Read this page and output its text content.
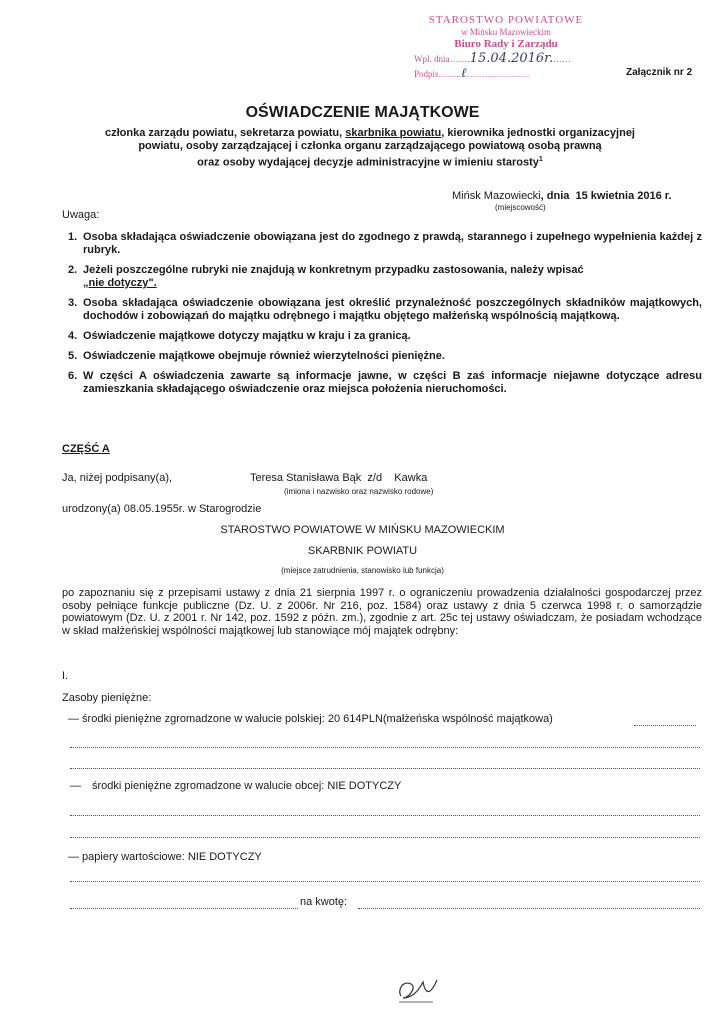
STAROSTWO POWIATOWE
w Mińsku Mazowieckim
Biuro Rady i Zarządu
Wpl. dnia…….15.04.2016r.……
Podpis……..ℓ…………………	Załącznik nr 2
OŚWIADCZENIE MAJĄTKOWE
członka zarządu powiatu, sekretarza powiatu, skarbnika powiatu, kierownika jednostki organizacyjnej
powiatu, osoby zarządzającej i członka organu zarządzającego powiatową osobą prawną
oraz osoby wydającej decyzje administracyjne w imieniu starosty$^1$
Mińsk Mazowiecki, dnia 15 kwietnia 2016 r.
(miejscowość)
Uwaga:
1. Osoba składająca oświadczenie obowiązana jest do zgodnego z prawdą, starannego i zupełnego wypełnienia każdej z rubryk.
2. Jeżeli poszczególne rubryki nie znajdują w konkretnym przypadku zastosowania, należy wpisać
„nie dotyczy".
3. Osoba składająca oświadczenie obowiązana jest określić przynależność poszczególnych składników majątkowych, dochodów i zobowiązań do majątku odrębnego i majątku objętego małżeńską wspólnością majątkową.
4. Oświadczenie majątkowe dotyczy majątku w kraju i za granicą.
5. Oświadczenie majątkowe obejmuje również wierzytelności pieniężne.
6. W części A oświadczenia zawarte są informacje jawne, w części B zaś informacje niejawne dotyczące adresu zamieszkania składającego oświadczenie oraz miejsca położenia nieruchomości.
CZĘŚĆ A
Ja, niżej podpisany(a),	Teresa Stanisława Bąk  z/d    Kawka
(imiona i nazwisko oraz nazwisko rodowe)
urodzony(a) 08.05.1955r. w Starogrodzie
STAROSTWO POWIATOWE W MIŃSKU MAZOWIECKIM
SKARBNIK POWIATU
(miejsce zatrudnienia, stanowisko lub funkcja)
po zapoznaniu się z przepisami ustawy z dnia 21 sierpnia 1997 r. o ograniczeniu prowadzenia działalności gospodarczej przez osoby pełniące funkcje publiczne (Dz. U. z 2006r. Nr 216, poz. 1584) oraz ustawy z dnia 5 czerwca 1998 r. o samorządzie powiatowym (Dz. U. z 2001 r. Nr 142, poz. 1592 z późn. zm.), zgodnie z art. 25c tej ustawy oświadczam, że posiadam wchodzące w skład małżeńskiej wspólności majątkowej lub stanowiące mój majątek odrębny:
I.
Zasoby pieniężne:
— środki pieniężne zgromadzone w walucie polskiej: 20 614PLN(małżeńska wspólność majątkowa)
— środki pieniężne zgromadzone w walucie obcej: NIE DOTYCZY
— papiery wartościowe: NIE DOTYCZY
na kwotę:
